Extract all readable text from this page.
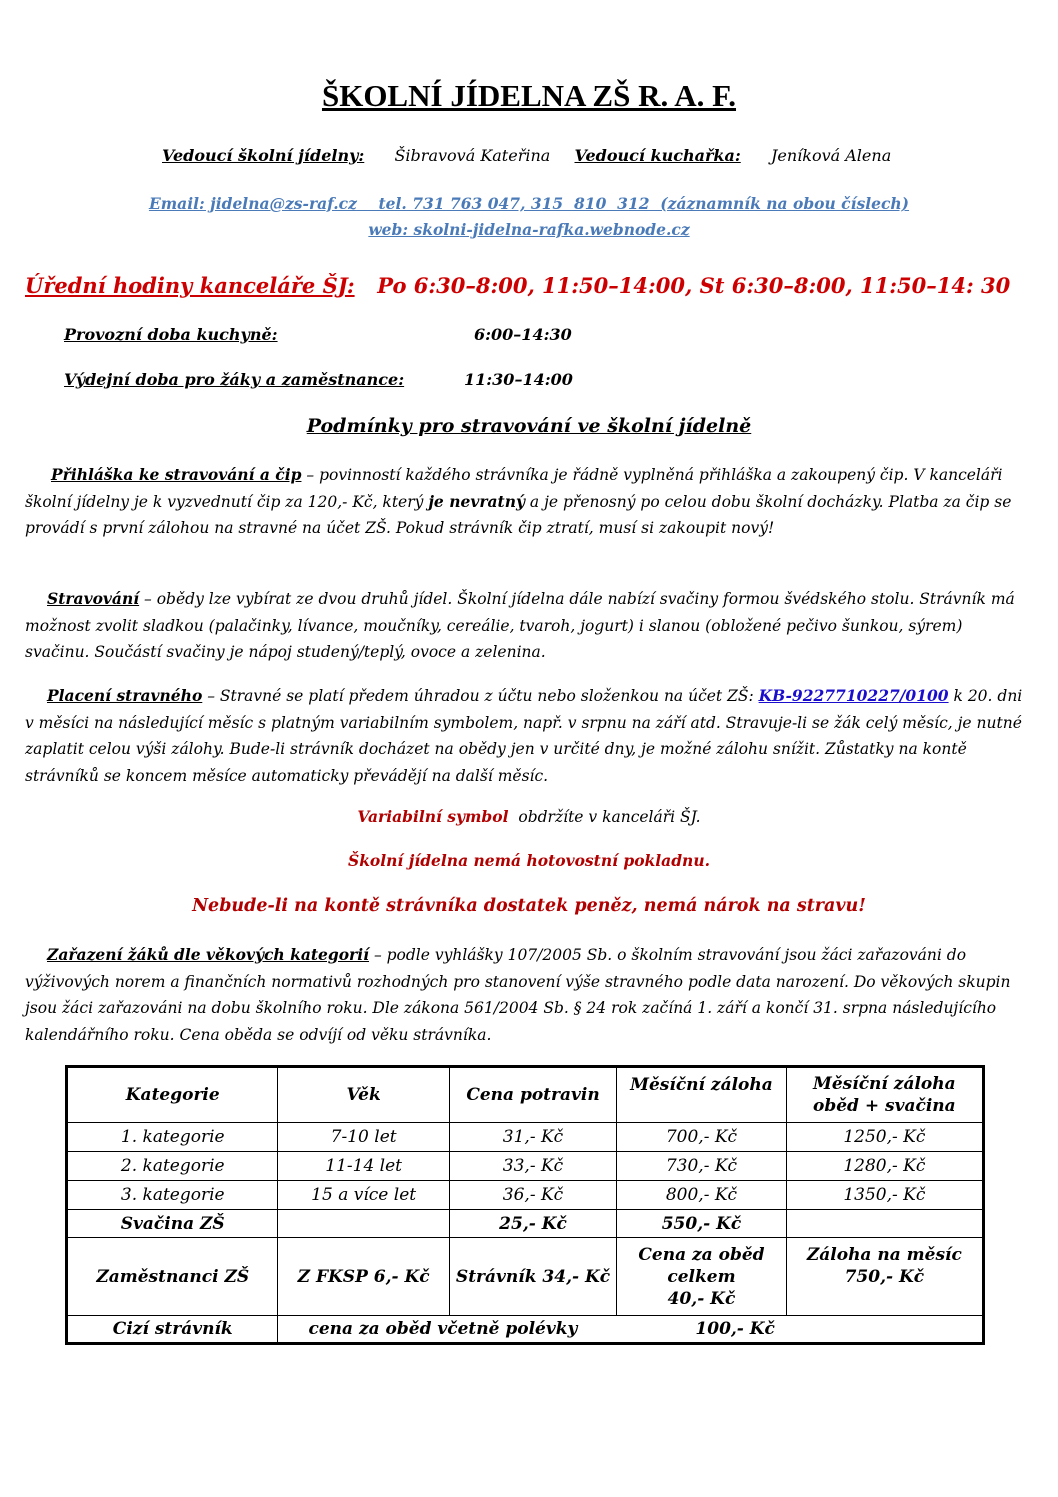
ŠKOLNÍ JÍDELNA ZŠ R. A. F.
Vedoucí školní jídelny: Šibravová Kateřina Vedoucí kuchařka: Jeníková Alena
Email: jidelna@zs-raf.cz    tel. 731 763 047, 315  810  312  (záznamník na obou číslech)
web: skolni-jidelna-rafka.webnode.cz
Úřední hodiny kanceláře ŠJ: Po 6:30–8:00, 11:50–14:00, St 6:30–8:00, 11:50–14: 30
Provozní doba kuchyně:	6:00–14:30
Výdejní doba pro žáky a zaměstnance:	11:30–14:00
Podmínky pro stravování ve školní jídelně
Přihláška ke stravování a čip – povinností každého strávníka je řádně vyplněná přihláška a zakoupený čip. V kanceláři školní jídelny je k vyzvednutí čip za 120,- Kč, který je nevratný a je přenosný po celou dobu školní docházky. Platba za čip se provádí s první zálohou na stravné na účet ZŠ. Pokud strávník čip ztratí, musí si zakoupit nový!
Stravování – obědy lze vybírat ze dvou druhů jídel. Školní jídelna dále nabízí svačiny formou švédského stolu. Strávník má možnost zvolit sladkou (palačinky, lívance, moučníky, cereálie, tvaroh, jogurt) i slanou (obložené pečivo šunkou, sýrem) svačinu. Součástí svačiny je nápoj studený/teplý, ovoce a zelenina.
Placení stravného – Stravné se platí předem úhradou z účtu nebo složenkou na účet ZŠ: KB-9227710227/0100 k 20. dni v měsíci na následující měsíc s platným variabilním symbolem, např. v srpnu na září atd. Stravuje-li se žák celý měsíc, je nutné zaplatit celou výši zálohy. Bude-li strávník docházet na obědy jen v určité dny, je možné zálohu snížit. Zůstatky na kontě strávníků se koncem měsíce automaticky převádějí na další měsíc.
Variabilní symbol  obdržíte v kanceláři ŠJ.
Školní jídelna nemá hotovostní pokladnu.
Nebude-li na kontě strávníka dostatek peněz, nemá nárok na stravu!
Zařazení žáků dle věkových kategorií – podle vyhlášky 107/2005 Sb. o školním stravování jsou žáci zařazováni do výživových norem a finančních normativů rozhodných pro stanovení výše stravného podle data narození. Do věkových skupin jsou žáci zařazováni na dobu školního roku. Dle zákona 561/2004 Sb. § 24 rok začíná 1. září a končí 31. srpna následujícího kalendářního roku. Cena oběda se odvíjí od věku strávníka.
Kategorie	Věk	Cena potravin	Měsíční záloha	Měsíční záloha
oběd + svačina
1. kategorie	7-10 let	31,- Kč	700,- Kč	1250,- Kč
2. kategorie	11-14 let	33,- Kč	730,- Kč	1280,- Kč
3. kategorie	15 a více let	36,- Kč	800,- Kč	1350,- Kč
Svačina ZŠ		25,- Kč	550,- Kč	
Zaměstnanci ZŠ	Z FKSP 6,- Kč	Strávník 34,- Kč	Cena za oběd
celkem
40,- Kč	Záloha na měsíc
750,- Kč
Cizí strávník	cena za oběd včetně polévky 100,- Kč			
